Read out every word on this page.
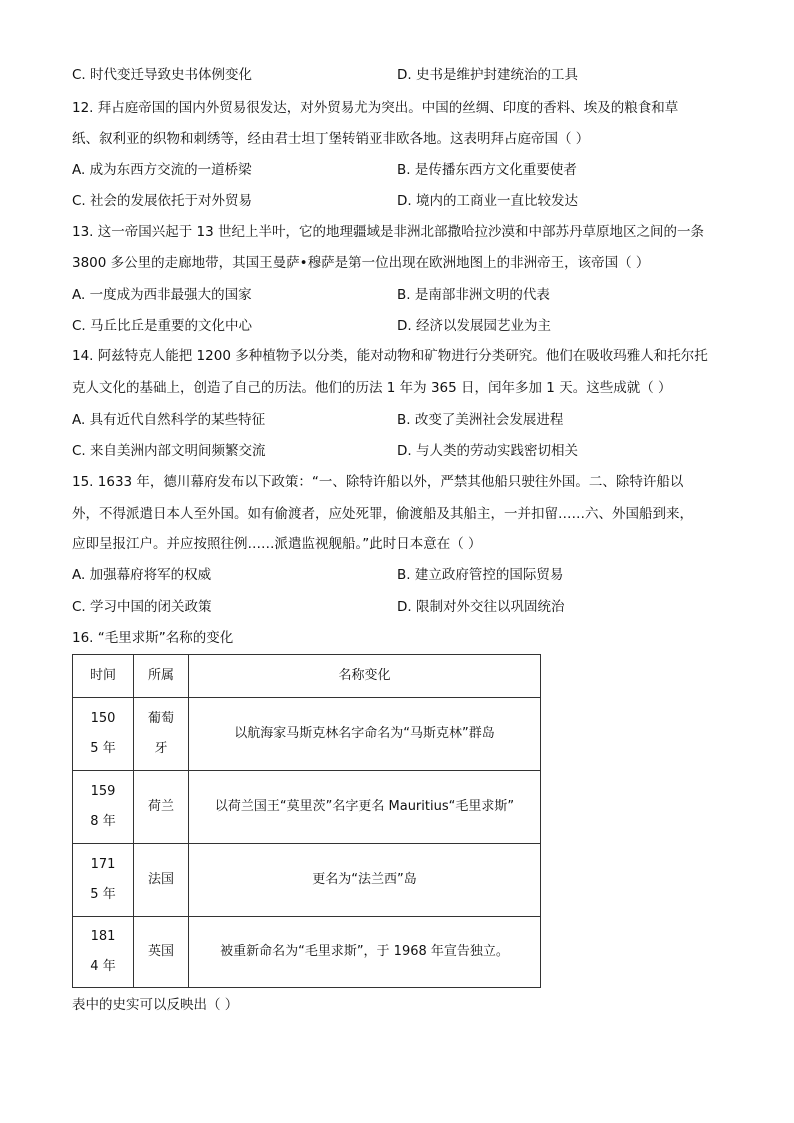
C. 时代变迁导致史书体例变化	D. 史书是维护封建统治的工具
12. 拜占庭帝国的国内外贸易很发达，对外贸易尤为突出。中国的丝绸、印度的香料、埃及的粮食和草
纸、叙利亚的织物和刺绣等，经由君士坦丁堡转销亚非欧各地。这表明拜占庭帝国（ ）
A. 成为东西方交流的一道桥梁	B. 是传播东西方文化重要使者
C. 社会的发展依托于对外贸易	D. 境内的工商业一直比较发达
13. 这一帝国兴起于 13 世纪上半叶，它的地理疆域是非洲北部撒哈拉沙漠和中部苏丹草原地区之间的一条
3800 多公里的走廊地带，其国王曼萨•穆萨是第一位出现在欧洲地图上的非洲帝王，该帝国（ ）
A. 一度成为西非最强大的国家	B. 是南部非洲文明的代表
C. 马丘比丘是重要的文化中心	D. 经济以发展园艺业为主
14. 阿兹特克人能把 1200 多种植物予以分类，能对动物和矿物进行分类研究。他们在吸收玛雅人和托尔托
克人文化的基础上，创造了自己的历法。他们的历法 1 年为 365 日，闰年多加 1 天。这些成就（ ）
A. 具有近代自然科学的某些特征	B. 改变了美洲社会发展进程
C. 来自美洲内部文明间频繁交流	D. 与人类的劳动实践密切相关
15. 1633 年，德川幕府发布以下政策：“一、除特许船以外，严禁其他船只驶往外国。二、除特许船以
外，不得派遣日本人至外国。如有偷渡者，应处死罪，偷渡船及其船主，一并扣留……六、外国船到来，
应即呈报江户。并应按照往例……派遣监视舰船。”此时日本意在（ ）
A. 加强幕府将军的权威	B. 建立政府管控的国际贸易
C. 学习中国的闭关政策	D. 限制对外交往以巩固统治
16. “毛里求斯”名称的变化
时间	所属	名称变化
1505 年	葡萄牙	以航海家马斯克林名字命名为“马斯克林”群岛
1598 年	荷兰	以荷兰国王“莫里茨”名字更名 Mauritius“毛里求斯”
1715 年	法国	更名为“法兰西”岛
1814 年	英国	被重新命名为“毛里求斯”，于 1968 年宣告独立。
表中的史实可以反映出（ ）
